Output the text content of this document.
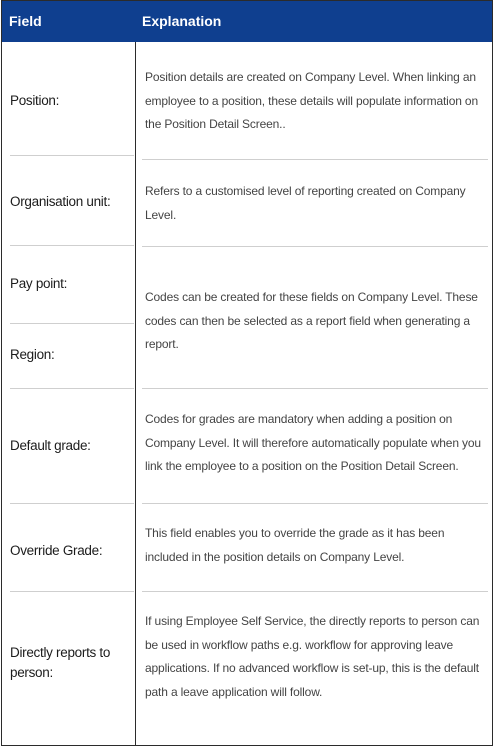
Field	Explanation
Position:
Position details are created on Company Level. When linking an employee to a position, these details will populate information on the Position Detail Screen..
Organisation unit:
Refers to a customised level of reporting created on Company Level.
Pay point:
Region:
Codes can be created for these fields on Company Level. These codes can then be selected as a report field when generating a report.
Default grade:
Codes for grades are mandatory when adding a position on Company Level. It will therefore automatically populate when you link the employee to a position on the Position Detail Screen.
Override Grade:
This field enables you to override the grade as it has been included in the position details on Company Level.
Directly reports to person:
If using Employee Self Service, the directly reports to person can be used in workflow paths e.g. workflow for approving leave applications. If no advanced workflow is set-up, this is the default path a leave application will follow.
